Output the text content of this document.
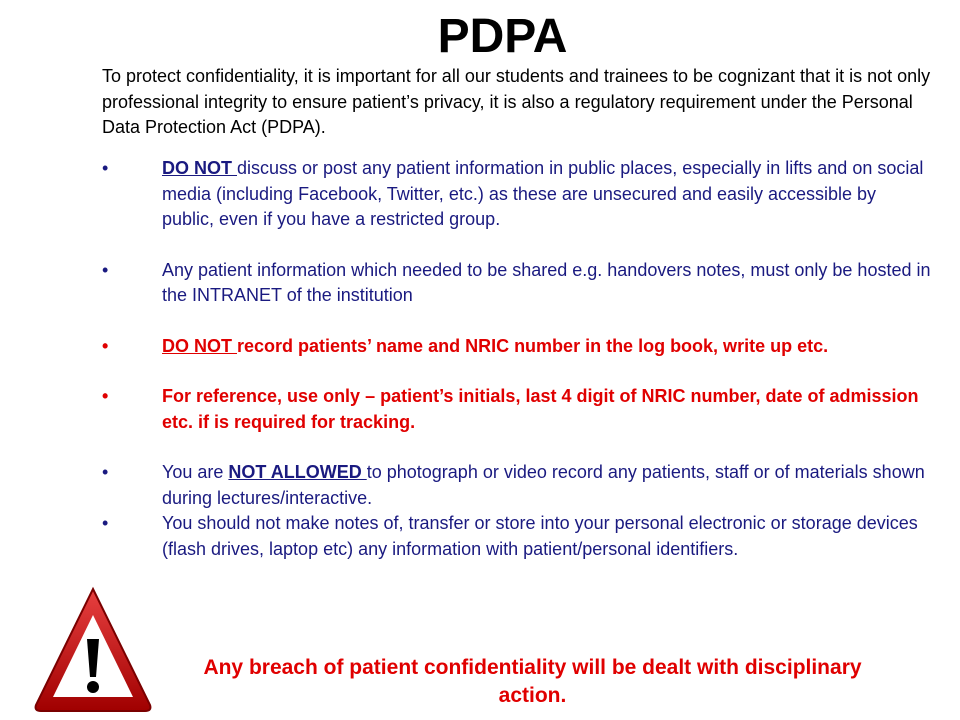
PDPA
To protect confidentiality, it is important for all our students and trainees to be cognizant that it is not only professional integrity to ensure patient’s privacy, it is also a regulatory requirement under the Personal Data Protection Act (PDPA).
•	DO NOT discuss or post any patient information in public places, especially in lifts and on social media (including Facebook, Twitter, etc.) as these are unsecured and easily accessible by public, even if you have a restricted group.
•	Any patient information which needed to be shared e.g. handovers notes, must only be hosted in the INTRANET of the institution
•	DO NOT record patients’ name and NRIC number in the log book, write up etc.
•	For reference, use only – patient’s initials, last 4 digit of NRIC number, date of admission etc. if is required for tracking.
•	You are NOT ALLOWED to photograph or video record any patients, staff or of materials shown during lectures/interactive.
•	You should not make notes of, transfer or store into your personal electronic or storage devices (flash drives, laptop etc) any information with patient/personal identifiers.
Any breach of patient confidentiality will be dealt with disciplinary action.
